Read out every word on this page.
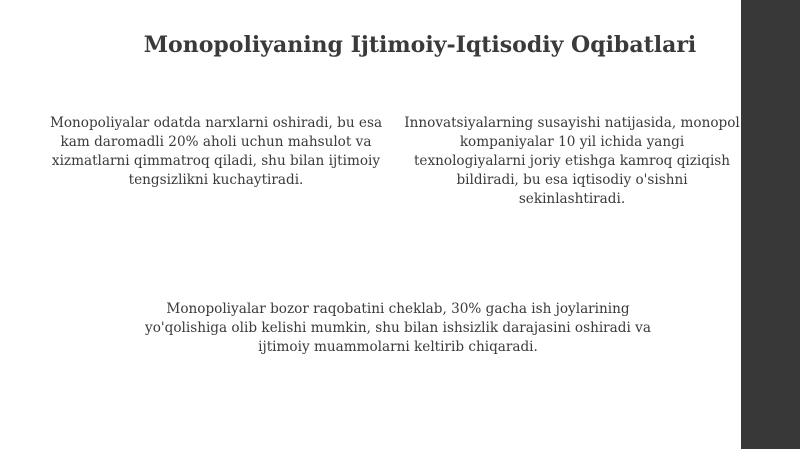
Monopoliyaning Ijtimoiy-Iqtisodiy Oqibatlari
Monopoliyalar odatda narxlarni oshiradi, bu esa kam daromadli 20% aholi uchun mahsulot va xizmatlarni qimmatroq qiladi, shu bilan ijtimoiy tengsizlikni kuchaytiradi.
Innovatsiyalarning susayishi natijasida, monopol kompaniyalar 10 yil ichida yangi texnologiyalarni joriy etishga kamroq qiziqish bildiradi, bu esa iqtisodiy o'sishni sekinlashtiradi.
Monopoliyalar bozor raqobatini cheklab, 30% gacha ish joylarining yo'qolishiga olib kelishi mumkin, shu bilan ishsizlik darajasini oshiradi va ijtimoiy muammolarni keltirib chiqaradi.
